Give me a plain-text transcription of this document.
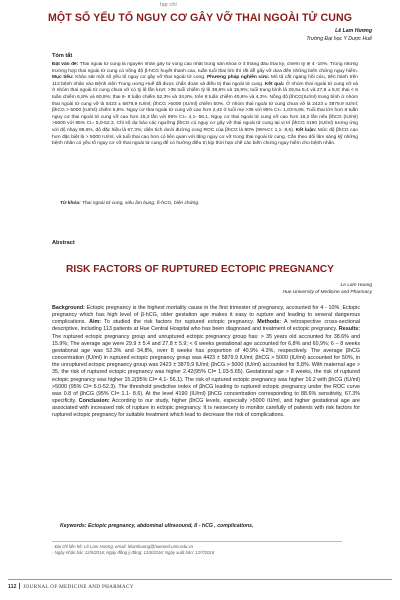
tạp chí
MỘT SỐ YẾU TỐ NGUY CƠ GÂY VỠ THAI NGOÀI TỬ CUNG
Lê Lam Hương
Trường Đại học Y Dược Huế
Tóm tắt
Đặt vấn đề: Thai ngoài tử cung là nguyên nhân gây tử vong cao nhất trong sản khoa ở 3 tháng đầu thai kỳ, chiếm tỷ lệ 4 -10%. Trong những trường hợp thai ngoài tử cung có nồng độ β-hCG huyết thanh cao, tuần tuổi thai lớn thì rất dễ gây vỡ dưa đến những biến chứng nguy hiểm. Mục tiêu: Khảo sát một số yếu tố nguy cơ gây vỡ thai ngoài tử cung. Phương pháp nghiên cứu: Mô tả cắt ngang hồi cứu, tiến hành trên 113 bệnh nhân vào Bệnh viện Trung ương Huế đã được chẩn đoán và điều trị thai ngoài tử cung. Kết quả: Ở nhóm thai ngoài tử cung vỡ và ở nhóm thai ngoài tử cung chưa vỡ có tỷ lệ lần lượt: >35 tuổi chiếm tỷ lệ 38,6% và 15,9%; tuổi trung bình là 29,9± 5,4 và 27,8 ± 5,9; thai < 6 tuần chiếm 6,8% và 60,9%; thai 6- 8 tuần chiếm 52,3% và 34,8%, trên 8 tuần chiếm 40,9% và 4,3%. Nồng độ βhCG(IU/ml) trung bình ở nhóm thai ngoài tử cung vỡ là 5423 ± 5879,9 IU/ml; βhCG >5000 (IU/ml) chiếm 50%. Ở nhóm thai ngoài tử cung chưa vỡ là 2423 ± 3879,9 IU/ml; βhCG > 5000 (IU/ml) chiếm 5,8%. Nguy cơ thai ngoài tử cung vỡ cao hơn 2,42 ở tuổi mẹ >35 với 95% CI= 1,03-5,65. Tuổi thai lớn hơn 8 tuần nguy cơ thai ngoài tử cung vỡ cao hơn 15,2 lần với 95% CI= 4,1- 56,1. Nguy cơ thai ngoài tử cung vỡ cao hơn 16,2 lần nếu βhCG (IU/ml) >5000 với 95% CI= 5,0-52,3. Chỉ số dự báo các ngưỡng βhCG có nguy cơ gây vỡ thai ngoài tử cung tại vị trí βhCG 4190 (IU/ml) tương ứng với độ nhạy 88,6%, độ đặc hiệu là 67,3%; diện tích dưới đường cong ROC của βhCG là 80% (95%CI: 1,1- 8,6). Kết luận: Mức độ βhCG cao hơn đặc biệt là > 5000 IU/ml, và tuổi thai cao hơn có liên quan với tăng nguy cơ vỡ trong thai ngoài tử cung. Cần theo dõi lâm sàng kỹ những bệnh nhân có yếu tố nguy cơ vỡ thai ngoài tử cung để có hướng điều trị kịp thời hạn chế các biến chứng nguy hiểm cho bệnh nhân.
Từ khóa: Thai ngoài tử cung, siêu âm bụng, ß-hCG, biến chứng.
Abstract
RISK FACTORS OF RUPTURED ECTOPIC PREGNANCY
Le Lam Huong
Hue University of Medicine and Pharmacy
Background: Ectopic pregnancy is the highest mortality cause in the first trimester of pregnancy, accounted for 4 - 10%. Ectopic pregnancy which has high level of β-hCG, older gestation age makes it easy to rupture and leading to several dangerous complications. Aim: To studied the risk factors for ruptured ectopic pregnancy. Methods: A retrospective cross-sectional descriptive, including 113 patients at Hue Central Hospital who has been diagnosed and treatment of ectopic pregnancy. Results: The ruptured ectopic pregnancy group and unruptured ectopic pregnancy group has: > 35 years old accounted for 38.6% and 15.9%; The average age were 29.9 ± 5.4 and 27.8 ± 5.9; < 6 weeks gestational age accounted for 6,8% and 60,9%; 6 – 8 weeks gestational age was 52.3% and 34.8%, over 8 weeks has proportion of 40.9% 4.3%, respectively. The average βhCG concentration (IU/ml) in ruptured ectopic pregnancy group was 4423 ± 5879.9 IU/ml; βhCG > 5000 (IU/ml) accounted for 50%, in the unruptured ectopic pregnancy group was 2423 ± 3879,9 IU/ml; βhCG > 5000 (IU/ml) accounted for 5,8%. With maternal age > 35, the risk of ruptured ectopic pregnancy was higher 2.42(95% CI= 1.03-5.65). Gestational age > 8 weeks, the risk of ruptured ectopic pregnancy was higher 15.2(95% CI= 4.1- 56.1). The risk of ruptured ectopic pregnancy was higher 16.2 with βhCG (IU/ml) >5000 (95% CI= 5.0-52.3). The threshold predictive index of βhCG leading to ruptured ectopic pregnancy under the ROC curve was 0.8 of βhCG (95% CI= 1.1- 8.6). At the level 4190 (IU/ml) βhCG concentration corresponding to 88.6% sensitivity, 67.3% specificity. Conclusion: According to our study, higher βhCG levels, especially >5000 IU/ml, and higher gestational age are associated with increased risk of rupture in ectopic pregnancy. It is nessecery to monitor carefully of patients with risk factors for ruptured ectopic pregnancy for suitable treatment which lead to decrease the risk of complications.
Keywords: Ectopic pregnancy, abdominal ultrasound, ß - hCG , complications.
- Địa chỉ liên hệ: Lê Lam Hương, email: lelamhuong@huemed-univ.edu.vn
- Ngày nhận bài: 12/5/2016; Ngày đồng ý đăng: 12/6/2016; Ngày xuất bản: 12/7/2016
112 JOURNAL OF MEDICINE AND PHARMACY
